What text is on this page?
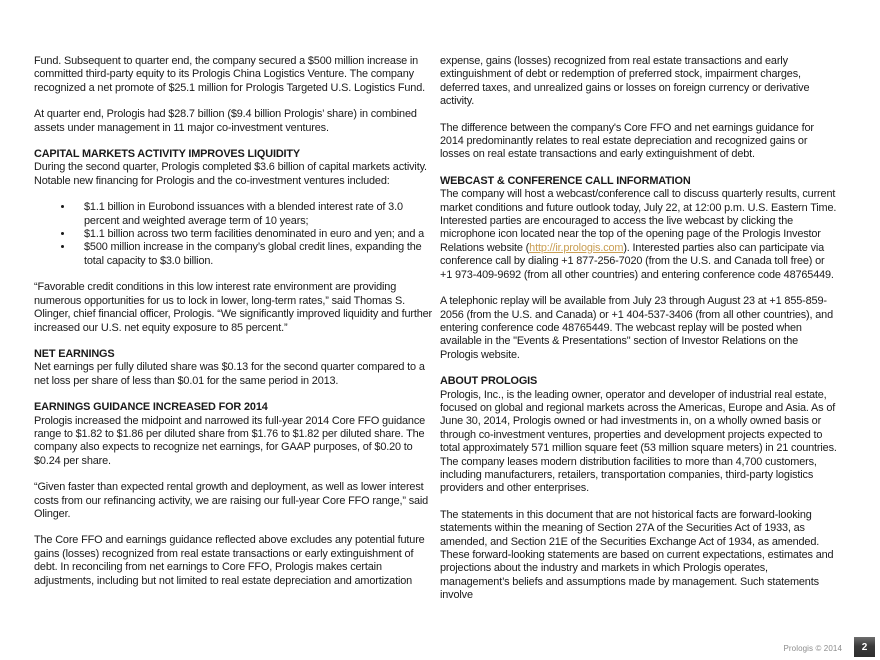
Fund. Subsequent to quarter end, the company secured a $500 million increase in committed third-party equity to its Prologis China Logistics Venture. The company recognized a net promote of $25.1 million for Prologis Targeted U.S. Logistics Fund.

At quarter end, Prologis had $28.7 billion ($9.4 billion Prologis’ share) in combined assets under management in 11 major co-investment ventures.

CAPITAL MARKETS ACTIVITY IMPROVES LIQUIDITY

During the second quarter, Prologis completed $3.6 billion of capital markets activity. Notable new financing for Prologis and the co-investment ventures included:

• $1.1 billion in Eurobond issuances with a blended interest rate of 3.0 percent and weighted average term of 10 years;
• $1.1 billion across two term facilities denominated in euro and yen; and a
• $500 million increase in the company’s global credit lines, expanding the total capacity to $3.0 billion.

“Favorable credit conditions in this low interest rate environment are providing numerous opportunities for us to lock in lower, long-term rates,” said Thomas S. Olinger, chief financial officer, Prologis. “We significantly improved liquidity and further increased our U.S. net equity exposure to 85 percent.”

NET EARNINGS

Net earnings per fully diluted share was $0.13 for the second quarter compared to a net loss per share of less than $0.01 for the same period in 2013.

EARNINGS GUIDANCE INCREASED FOR 2014

Prologis increased the midpoint and narrowed its full-year 2014 Core FFO guidance range to $1.82 to $1.86 per diluted share from $1.76 to $1.82 per diluted share. The company also expects to recognize net earnings, for GAAP purposes, of $0.20 to $0.24 per share.

“Given faster than expected rental growth and deployment, as well as lower interest costs from our refinancing activity, we are raising our full-year Core FFO range,” said Olinger.

The Core FFO and earnings guidance reflected above excludes any potential future gains (losses) recognized from real estate transactions or early extinguishment of debt. In reconciling from net earnings to Core FFO, Prologis makes certain adjustments, including but not limited to real estate depreciation and amortization

expense, gains (losses) recognized from real estate transactions and early extinguishment of debt or redemption of preferred stock, impairment charges, deferred taxes, and unrealized gains or losses on foreign currency or derivative activity.

The difference between the company's Core FFO and net earnings guidance for 2014 predominantly relates to real estate depreciation and recognized gains or losses on real estate transactions and early extinguishment of debt.

WEBCAST & CONFERENCE CALL INFORMATION

The company will host a webcast/conference call to discuss quarterly results, current market conditions and future outlook today, July 22, at 12:00 p.m. U.S. Eastern Time. Interested parties are encouraged to access the live webcast by clicking the microphone icon located near the top of the opening page of the Prologis Investor Relations website (http://ir.prologis.com). Interested parties also can participate via conference call by dialing +1 877-256-7020 (from the U.S. and Canada toll free) or +1 973-409-9692 (from all other countries) and entering conference code 48765449.

A telephonic replay will be available from July 23 through August 23 at +1 855-859-2056 (from the U.S. and Canada) or +1 404-537-3406 (from all other countries), and entering conference code 48765449. The webcast replay will be posted when available in the "Events & Presentations" section of Investor Relations on the Prologis website.

ABOUT PROLOGIS

Prologis, Inc., is the leading owner, operator and developer of industrial real estate, focused on global and regional markets across the Americas, Europe and Asia. As of June 30, 2014, Prologis owned or had investments in, on a wholly owned basis or through co-investment ventures, properties and development projects expected to total approximately 571 million square feet (53 million square meters) in 21 countries. The company leases modern distribution facilities to more than 4,700 customers, including manufacturers, retailers, transportation companies, third-party logistics providers and other enterprises.

The statements in this document that are not historical facts are forward-looking statements within the meaning of Section 27A of the Securities Act of 1933, as amended, and Section 21E of the Securities Exchange Act of 1934, as amended. These forward-looking statements are based on current expectations, estimates and projections about the industry and markets in which Prologis operates, management’s beliefs and assumptions made by management. Such statements involve

Prologis © 2014	2
